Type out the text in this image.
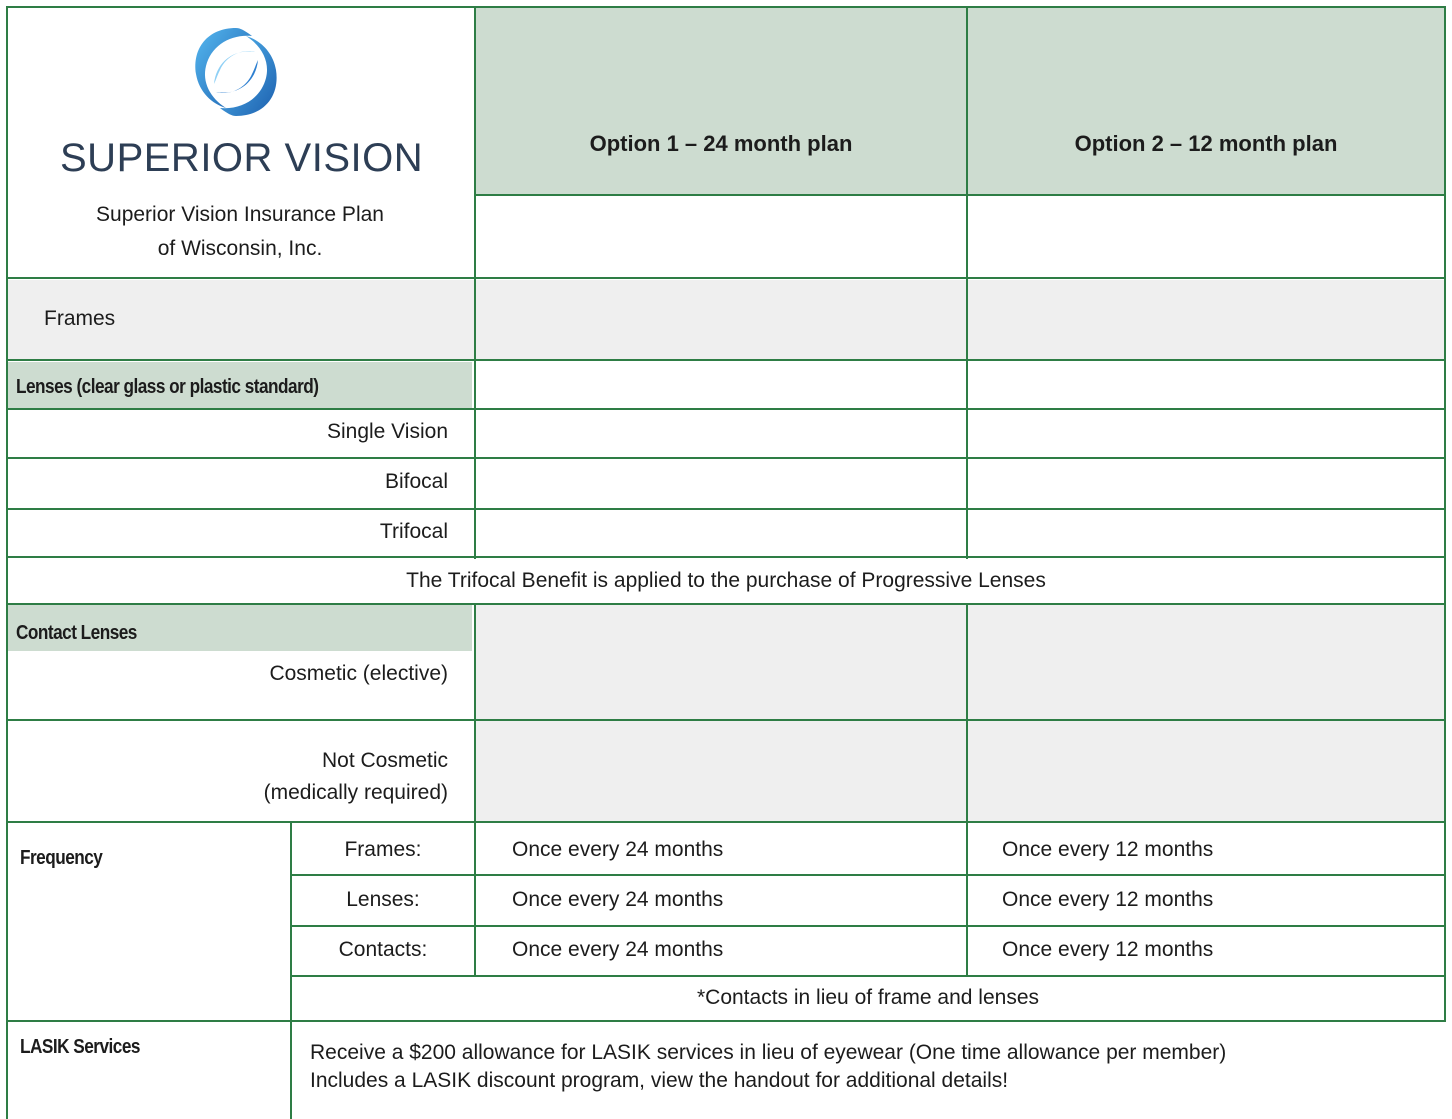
SUPERIOR VISION
Superior Vision Insurance Plan
of Wisconsin, Inc.
Option 1 – 24 month plan	Option 2 – 12 month plan
Frames
Lenses (clear glass or plastic standard)
Single Vision
Bifocal
Trifocal
The Trifocal Benefit is applied to the purchase of Progressive Lenses
Contact Lenses
Cosmetic (elective)
Not Cosmetic
(medically required)
Frequency	Frames:	Once every 24 months	Once every 12 months
Lenses:	Once every 24 months	Once every 12 months
Contacts:	Once every 24 months	Once every 12 months
*Contacts in lieu of frame and lenses
LASIK Services	Receive a $200 allowance for LASIK services in lieu of eyewear (One time allowance per member)
Includes a LASIK discount program, view the handout for additional details!
